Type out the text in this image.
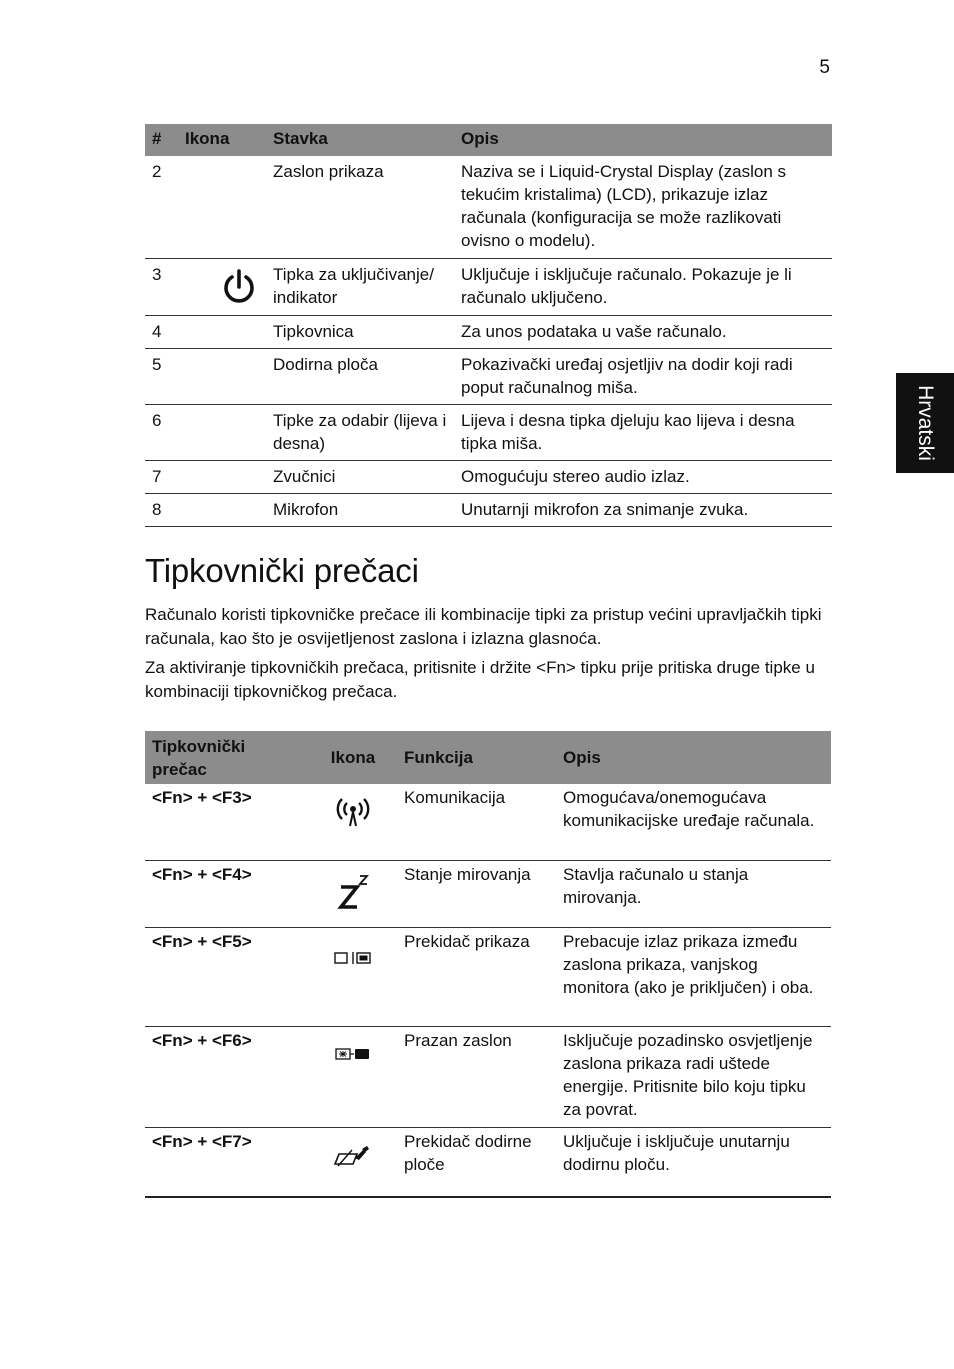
5
Hrvatski
#	Ikona	Stavka	Opis
2		Zaslon prikaza	Naziva se i Liquid-Crystal Display (zaslon s tekućim kristalima) (LCD), prikazuje izlaz računala (konfiguracija se može razlikovati ovisno o modelu).
3		Tipka za uključivanje/ indikator	Uključuje i isključuje računalo. Pokazuje je li računalo uključeno.
4		Tipkovnica	Za unos podataka u vaše računalo.
5		Dodirna ploča	Pokazivački uređaj osjetljiv na dodir koji radi poput računalnog miša.
6		Tipke za odabir (lijeva i desna)	Lijeva i desna tipka djeluju kao lijeva i desna tipka miša.
7		Zvučnici	Omogućuju stereo audio izlaz.
8		Mikrofon	Unutarnji mikrofon za snimanje zvuka.
Tipkovnički prečaci

Računalo koristi tipkovničke prečace ili kombinacije tipki za pristup većini upravljačkih tipki računala, kao što je osvijetljenost zaslona i izlazna glasnoća.

Za aktiviranje tipkovničkih prečaca, pritisnite i držite <Fn> tipku prije pritiska druge tipke u kombinaciji tipkovničkog prečaca.

Tipkovnički prečac	Ikona	Funkcija	Opis
<Fn> + <F3>		Komunikacija	Omogućava/onemogućava komunikacijske uređaje računala.
<Fn> + <F4>		Stanje mirovanja	Stavlja računalo u stanja mirovanja.
<Fn> + <F5>		Prekidač prikaza	Prebacuje izlaz prikaza između zaslona prikaza, vanjskog monitora (ako je priključen) i oba.
<Fn> + <F6>		Prazan zaslon	Isključuje pozadinsko osvjetljenje zaslona prikaza radi uštede energije. Pritisnite bilo koju tipku za povrat.
<Fn> + <F7>		Prekidač dodirne ploče	Uključuje i isključuje unutarnju dodirnu ploču.
